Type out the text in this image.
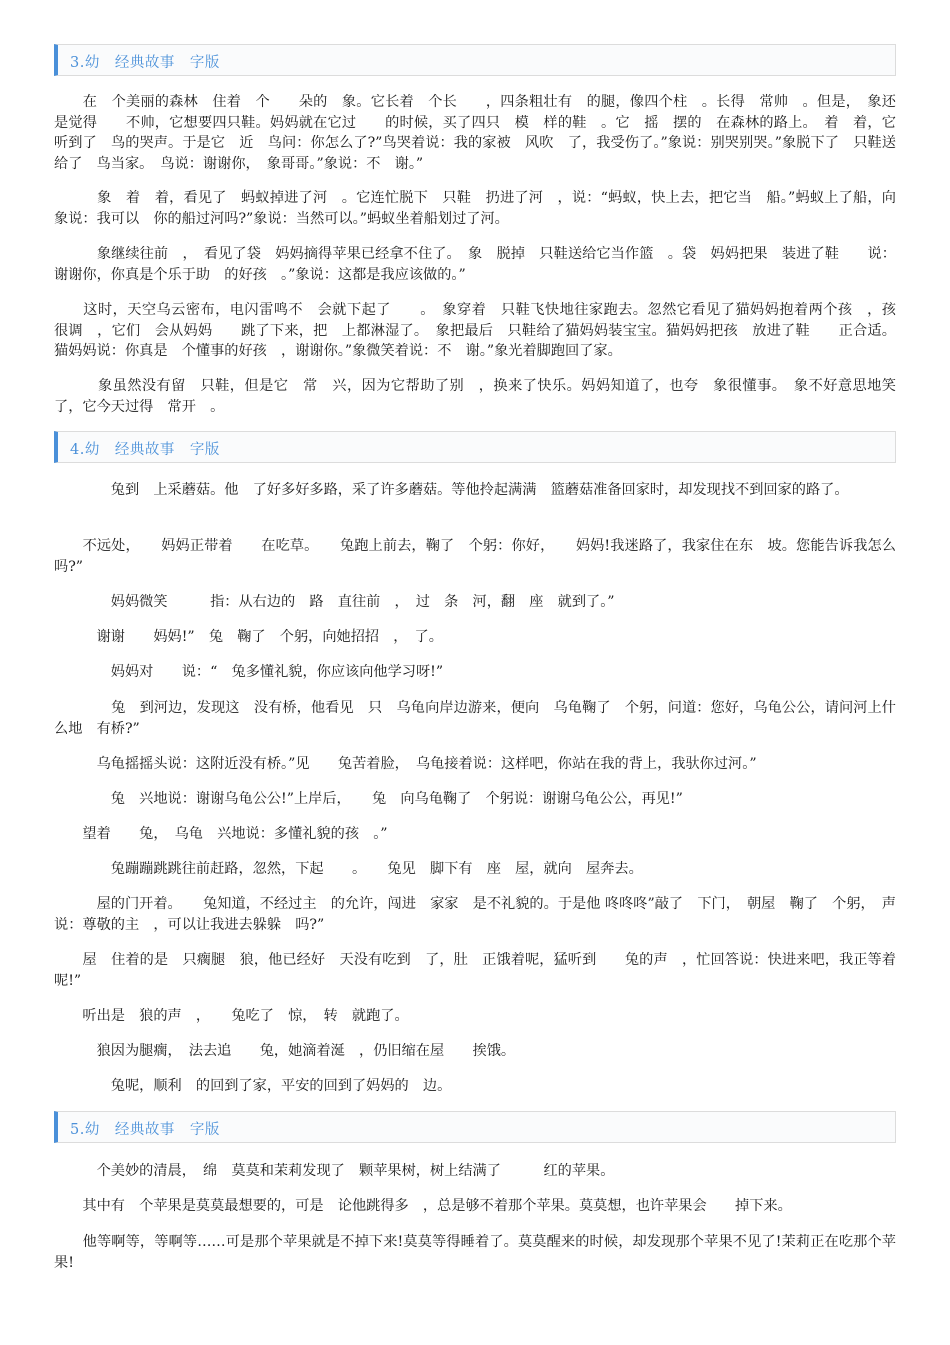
3.幼　经典故事　字版

　　在　个美丽的森林　住着　个　　朵的　象。它长着　个长　　，四条粗壮有　的腿，像四个柱　。长得　常帅　。但是，　象还是觉得　　不帅，它想要四只鞋。妈妈就在它过　　的时候，买了四只　模　样的鞋　。它　摇　摆的　在森林的路上。　着　着，它听到了　鸟的哭声。于是它　近　鸟问：你怎么了?”鸟哭着说：我的家被　风吹　了，我受伤了。”象说：别哭别哭。”象脱下了　只鞋送给了　鸟当家。　鸟说：谢谢你，　象哥哥。”象说：不　谢。”

　　　象　着　着，看见了　蚂蚁掉进了河　。它连忙脱下　只鞋　扔进了河　，说：“蚂蚁，快上去，把它当　船。”蚂蚁上了船，向　象说：我可以　你的船过河吗?”象说：当然可以。”蚂蚁坐着船划过了河。

　　　象继续往前　，　看见了袋　妈妈摘得苹果已经拿不住了。　象　脱掉　只鞋送给它当作篮　。袋　妈妈把果　装进了鞋　　说：谢谢你，你真是个乐于助　的好孩　。”象说：这都是我应该做的。”

　　这时，天空乌云密布，电闪雷鸣不　会就下起了　　。　象穿着　只鞋飞快地往家跑去。忽然它看见了猫妈妈抱着两个孩　，孩　很调　，它们　会从妈妈　　跳了下来，把　上都淋湿了。　象把最后　只鞋给了猫妈妈装宝宝。猫妈妈把孩　放进了鞋　　正合适。猫妈妈说：你真是　个懂事的好孩　，谢谢你。”象微笑着说：不　谢。”象光着脚跑回了家。

　　　象虽然没有留　只鞋，但是它　常　兴，因为它帮助了别　，换来了快乐。妈妈知道了，也夸　象很懂事。　象不好意思地笑了，它今天过得　常开　。

4.幼　经典故事　字版

　　　　兔到　上采蘑菇。他　了好多好多路，采了许多蘑菇。等他拎起满满　篮蘑菇准备回家时，却发现找不到回家的路了。

　　不远处，　　妈妈正带着　　在吃草。　　兔跑上前去，鞠了　个躬：你好，　　妈妈!我迷路了，我家住在东　坡。您能告诉我怎么　吗?”

　　　　妈妈微笑　　　指：从右边的　路　直往前　，　过　条　河，翻　座　就到了。”

　　　谢谢　　妈妈!”　兔　鞠了　个躬，向她招招　，　了。

　　　　妈妈对　　说：“　兔多懂礼貌，你应该向他学习呀!”

　　　　兔　到河边，发现这　没有桥，他看见　只　乌龟向岸边游来，便向　乌龟鞠了　个躬，问道：您好，乌龟公公，请问河上什么地　有桥?”

　　　乌龟摇摇头说：这附近没有桥。”见　　兔苦着脸，　乌龟接着说：这样吧，你站在我的背上，我驮你过河。”

　　　　兔　兴地说：谢谢乌龟公公!”上岸后，　　兔　向乌龟鞠了　个躬说：谢谢乌龟公公，再见!”

　　望着　　兔，　乌龟　兴地说：多懂礼貌的孩　。”

　　　　兔蹦蹦跳跳往前赶路，忽然，下起　　。　　兔见　脚下有　座　屋，就向　屋奔去。

　　　屋的门开着。　　兔知道，不经过主　的允许，闯进　家家　是不礼貌的。于是他 咚咚咚”敲了　下门，　朝屋　鞠了　个躬，　声说：尊敬的主　，可以让我进去躲躲　吗?”

　　屋　住着的是　只瘸腿　狼，他已经好　天没有吃到　了，肚　正饿着呢，猛听到　　兔的声　，忙回答说：快进来吧，我正等着呢!”

　　听出是　狼的声　，　　兔吃了　惊，　转　就跑了。

　　　狼因为腿瘸，　法去追　　兔，她滴着涎　，仍旧缩在屋　　挨饿。

　　　　兔呢，顺利　的回到了家，平安的回到了妈妈的　边。

5.幼　经典故事　字版

　　　个美妙的清晨，　绵　莫莫和茉莉发现了　颗苹果树，树上结满了　　　红的苹果。

　　其中有　个苹果是莫莫最想要的，可是　论他跳得多　，总是够不着那个苹果。莫莫想，也许苹果会　　掉下来。

　　他等啊等，等啊等……可是那个苹果就是不掉下来!莫莫等得睡着了。莫莫醒来的时候，却发现那个苹果不见了!茉莉正在吃那个苹果!
